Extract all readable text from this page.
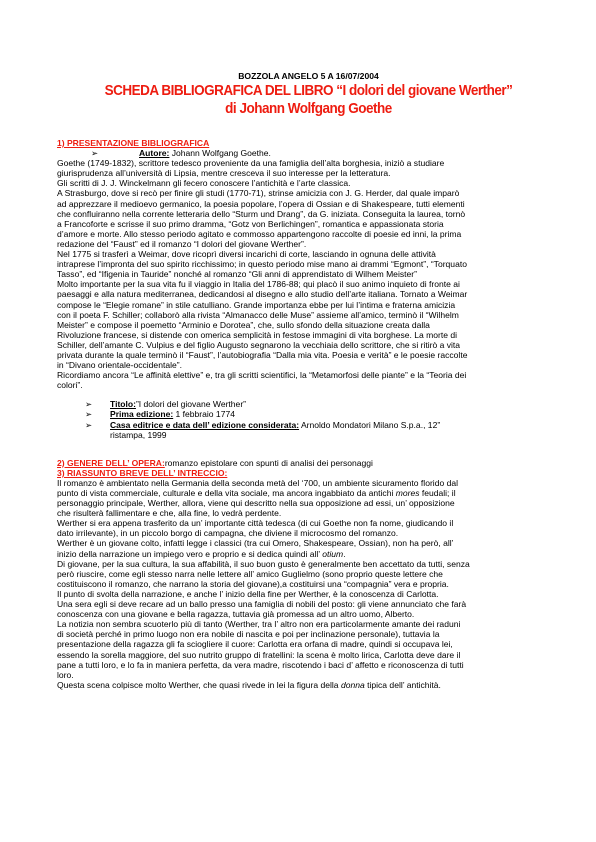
BOZZOLA ANGELO 5 A 16/07/2004
SCHEDA BIBLIOGRAFICA DEL LIBRO “I dolori del giovane Werther”
di Johann Wolfgang Goethe

1) PRESENTAZIONE BIBLIOGRAFICA

➢	Autore: Johann Wolfgang Goethe.

Goethe (1749-1832), scrittore tedesco proveniente da una famiglia dell’alta borghesia, iniziò a studiare

giurisprudenza all’università di Lipsia, mentre cresceva il suo interesse per la letteratura.

Gli scritti di J. J. Winckelmann gli fecero conoscere l’antichità e l’arte classica.

A Strasburgo, dove si recò per finire gli studi (1770-71), strinse amicizia con J. G. Herder, dal quale imparò

ad apprezzare il medioevo germanico, la poesia popolare, l’opera di Ossian e di Shakespeare, tutti elementi

che confluiranno nella corrente letteraria dello “Sturm und Drang”, da G. iniziata. Conseguita la laurea, tornò

a Francoforte e scrisse il suo primo dramma, “Gotz von Berlichingen”, romantica e appassionata storia

d’amore e morte. Allo stesso periodo agitato e commosso appartengono raccolte di poesie ed inni, la prima

redazione del “Faust” ed il romanzo “I dolori del giovane Werther”.

Nel 1775 si trasferì a Weimar, dove ricoprì diversi incarichi di corte, lasciando in ognuna delle attività

intraprese l’impronta del suo spirito ricchissimo; in questo periodo mise mano ai drammi “Egmont”, “Torquato

Tasso”, ed “Ifigenia in Tauride” nonché al romanzo “Gli anni di apprendistato di Wilhem Meister”

Molto importante per la sua vita fu il viaggio in Italia del 1786-88; qui placò il suo animo inquieto di fronte ai

paesaggi e alla natura mediterranea, dedicandosi al disegno e allo studio dell’arte italiana. Tornato a Weimar

compose le “Elegie romane” in stile catulliano. Grande importanza ebbe per lui l’intima e fraterna amicizia

con il poeta F. Schiller; collaborò alla rivista “Almanacco delle Muse” assieme all’amico, terminò il “Wilhelm

Meister” e compose il poemetto “Arminio e Dorotea”, che, sullo sfondo della situazione creata dalla

Rivoluzione francese, si distende con omerica semplicità in festose immagini di vita borghese. La morte di

Schiller, dell’amante C. Vulpius e del figlio Augusto segnarono la vecchiaia dello scrittore, che si ritirò a vita

privata durante la quale terminò il “Faust”, l’autobiografia “Dalla mia vita. Poesia e verità” e le poesie raccolte

in “Divano orientale-occidentale”.

Ricordiamo ancora “Le affinità elettive” e, tra gli scritti scientifici, la “Metamorfosi delle piante” e la “Teoria dei

colori”.

➢	Titolo:”I dolori del giovane Werther”
➢	Prima edizione: 1 febbraio 1774
➢	Casa editrice e data dell’ edizione considerata: Arnoldo Mondatori Milano S.p.a., 12”
ristampa, 1999

2) GENERE DELL’ OPERA:romanzo epistolare con spunti di analisi dei personaggi

3) RIASSUNTO BREVE DELL’ INTRECCIO:

Il romanzo è ambientato nella Germania della seconda metà del ‘700, un ambiente sicuramento florido dal

punto di vista commerciale, culturale e della vita sociale, ma ancora ingabbiato da antichi mores feudali; il

personaggio principale, Werther, allora, viene qui descritto nella sua opposizione ad essi, un’ opposizione

che risulterà fallimentare e che, alla fine, lo vedrà perdente.

Werther si era appena trasferito da un’ importante città tedesca (di cui Goethe non fa nome, giudicando il

dato irrilevante), in un piccolo borgo di campagna, che diviene il microcosmo del romanzo.

Werther è un giovane colto, infatti legge i classici (tra cui Omero, Shakespeare, Ossian), non ha però, all’

inizio della narrazione un impiego vero e proprio e si dedica quindi all’ otium.

Di giovane, per la sua cultura, la sua affabilità, il suo buon gusto è generalmente ben accettato da tutti, senza

però riuscire, come egli stesso narra nelle lettere all’ amico Guglielmo (sono proprio queste lettere che

costituiscono il romanzo, che narrano la storia del giovane),a costituirsi una “compagnia” vera e propria.

Il punto di svolta della narrazione, e anche l’ inizio della fine per Werther, è la conoscenza di Carlotta.

Una sera egli si deve recare ad un ballo presso una famiglia di nobili del posto: gli viene annunciato che farà

conoscenza con una giovane e bella ragazza, tuttavia già promessa ad un altro uomo, Alberto.

La notizia non sembra scuoterlo più di tanto (Werther, tra l’ altro non era particolarmente amante dei raduni

di società perché in primo luogo non era nobile di nascita e poi per inclinazione personale), tuttavia la

presentazione della ragazza gli fa sciogliere il cuore: Carlotta era orfana di madre, quindi si occupava lei,

essendo la sorella maggiore, del suo nutrito gruppo di fratellini: la scena è molto lirica, Carlotta deve dare il

pane a tutti loro, e lo fa in maniera perfetta, da vera madre, riscotendo i baci d’ affetto e riconoscenza di tutti

loro.

Questa scena colpisce molto Werther, che quasi rivede in lei la figura della donna tipica dell’ antichità.
